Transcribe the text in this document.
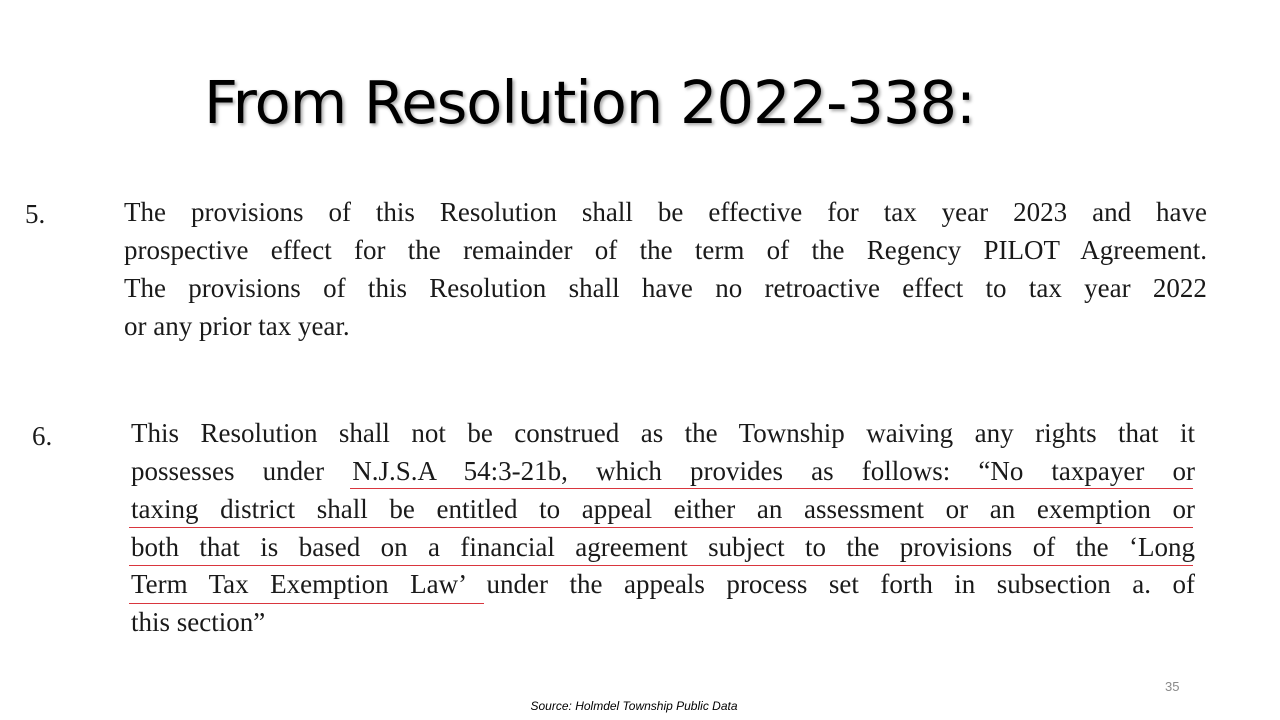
From Resolution 2022-338:
5.	The provisions of this Resolution shall be effective for tax year 2023 and have
prospective effect for the remainder of the term of the Regency PILOT Agreement.
The provisions of this Resolution shall have no retroactive effect to tax year 2022
or any prior tax year.
6.	This Resolution shall not be construed as the Township waiving any rights that it
possesses under N.J.S.A 54:3-21b, which provides as follows: “No taxpayer or
taxing district shall be entitled to appeal either an assessment or an exemption or
both that is based on a financial agreement subject to the provisions of the ‘Long
Term Tax Exemption Law’ under the appeals process set forth in subsection a. of
this section”
35
Source: Holmdel Township Public Data
